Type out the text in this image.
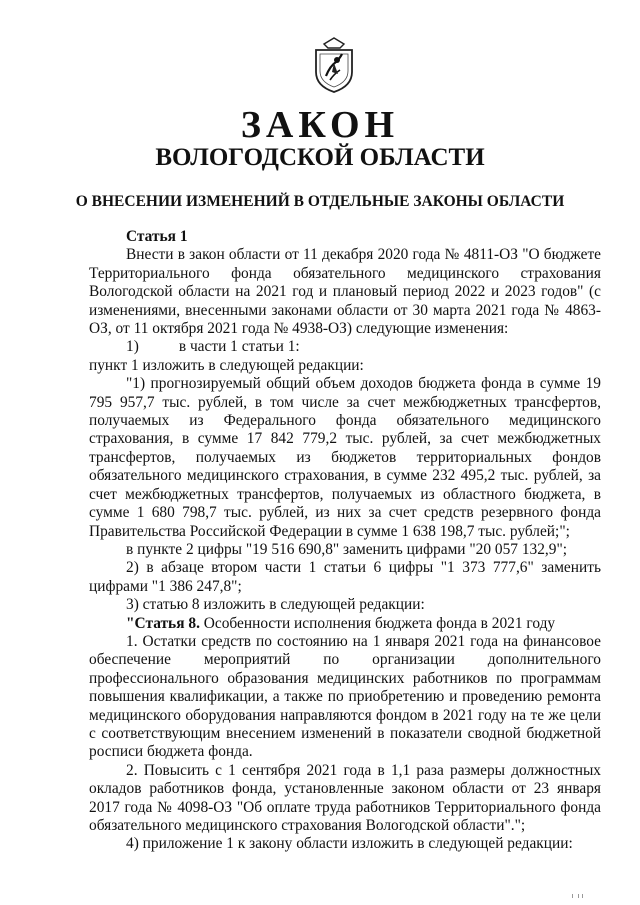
ЗАКОН
ВОЛОГОДСКОЙ ОБЛАСТИ
О ВНЕСЕНИИ ИЗМЕНЕНИЙ В ОТДЕЛЬНЫЕ ЗАКОНЫ ОБЛАСТИ

Статья 1

Внести в закон области от 11 декабря 2020 года № 4811-ОЗ "О бюджете Территориального фонда обязательного медицинского страхования Вологодской области на 2021 год и плановый период 2022 и 2023 годов" (с изменениями, внесенными законами области от 30 марта 2021 года № 4863-ОЗ, от 11 октября 2021 года № 4938-ОЗ) следующие изменения:

1)	в части 1 статьи 1:

пункт 1 изложить в следующей редакции:

"1) прогнозируемый общий объем доходов бюджета фонда в сумме 19 795 957,7 тыс. рублей, в том числе за счет межбюджетных трансфертов, получаемых из Федерального фонда обязательного медицинского страхования, в сумме 17 842 779,2 тыс. рублей, за счет межбюджетных трансфертов, получаемых из бюджетов территориальных фондов обязательного медицинского страхования, в сумме 232 495,2 тыс. рублей, за счет межбюджетных трансфертов, получаемых из областного бюджета, в сумме 1 680 798,7 тыс. рублей, из них за счет средств резервного фонда Правительства Российской Федерации в сумме 1 638 198,7 тыс. рублей;";

в пункте 2 цифры "19 516 690,8" заменить цифрами "20 057 132,9";

2) в абзаце втором части 1 статьи 6 цифры "1 373 777,6" заменить цифрами "1 386 247,8";

3) статью 8 изложить в следующей редакции:

"Статья 8. Особенности исполнения бюджета фонда в 2021 году

1. Остатки средств по состоянию на 1 января 2021 года на финансовое обеспечение мероприятий по организации дополнительного профессионального образования медицинских работников по программам повышения квалификации, а также по приобретению и проведению ремонта медицинского оборудования направляются фондом в 2021 году на те же цели с соответствующим внесением изменений в показатели сводной бюджетной росписи бюджета фонда.

2. Повысить с 1 сентября 2021 года в 1,1 раза размеры должностных окладов работников фонда, установленные законом области от 23 января 2017 года № 4098-ОЗ "Об оплате труда работников Территориального фонда обязательного медицинского страхования Вологодской области".";

4) приложение 1 к закону области изложить в следующей редакции:
